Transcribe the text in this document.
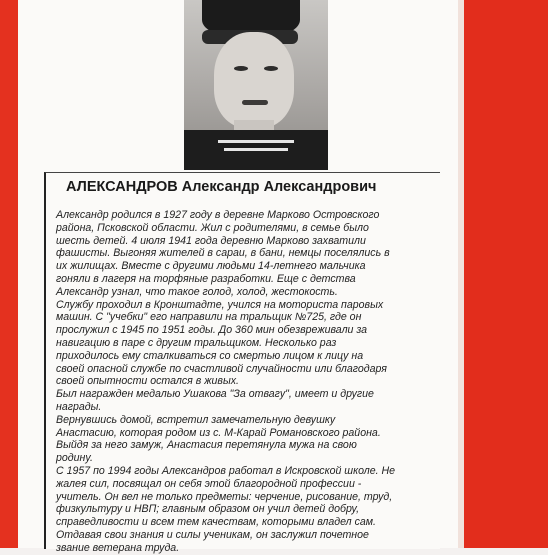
АЛЕКСАНДРОВ Александр Александрович
Александр родился в 1927 году в деревне Марково Островского
района, Псковской области. Жил с родителями, в семье было
шесть детей. 4 июля 1941 года деревню Марково захватили
фашисты. Выгоняя жителей в сараи, в бани, немцы поселялись в
их жилищах. Вместе с другими людьми 14-летнего мальчика
гоняли в лагеря на торфяные разработки. Еще с детства
Александр узнал, что такое голод, холод, жестокость.
Службу проходил в Кронштадте, учился на моториста паровых
машин. С "учебки" его направили на тральщик №725, где он
прослужил с 1945 по 1951 годы. До 360 мин обезвреживали за
навигацию в паре с другим тральщиком. Несколько раз
приходилось ему сталкиваться со смертью лицом к лицу на
своей опасной службе по счастливой случайности или благодаря
своей опытности остался в живых.
Был награжден медалью Ушакова "За отвагу", имеет и другие
награды.
Вернувшись домой, встретил замечательную девушку
Анастасию, которая родом из с. М-Карай Романовского района.
Выйдя за него замуж, Анастасия перетянула мужа на свою
родину.
С 1957 по 1994 годы Александров работал в Искровской школе. Не
жалея сил, посвящал он себя этой благородной профессии -
учитель. Он вел не только предметы: черчение, рисование, труд,
физкультуру и НВП; главным образом он учил детей добру,
справедливости и всем тем качествам, которыми владел сам.
Отдавая свои знания и силы ученикам, он заслужил почетное
звание ветерана труда.
